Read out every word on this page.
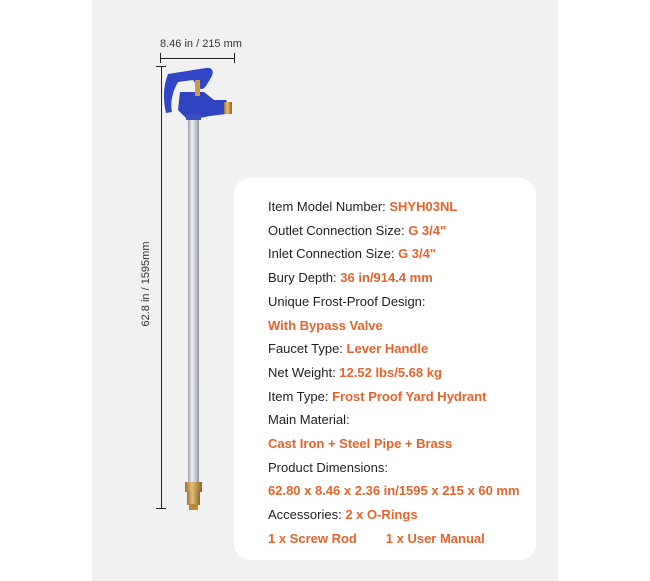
8.46 in / 215 mm
62.8 in / 1595mm
Item Model Number: SHYH03NL
Outlet Connection Size: G 3/4"
Inlet Connection Size: G 3/4"
Bury Depth: 36 in/914.4 mm
Unique Frost-Proof Design:
With Bypass Valve
Faucet Type: Lever Handle
Net Weight: 12.52 lbs/5.68 kg
Item Type: Frost Proof Yard Hydrant
Main Material:
Cast Iron + Steel Pipe + Brass
Product Dimensions:
62.80 x 8.46 x 2.36 in/1595 x 215 x 60 mm
Accessories: 2 x O-Rings
1 x Screw Rod        1 x User Manual
